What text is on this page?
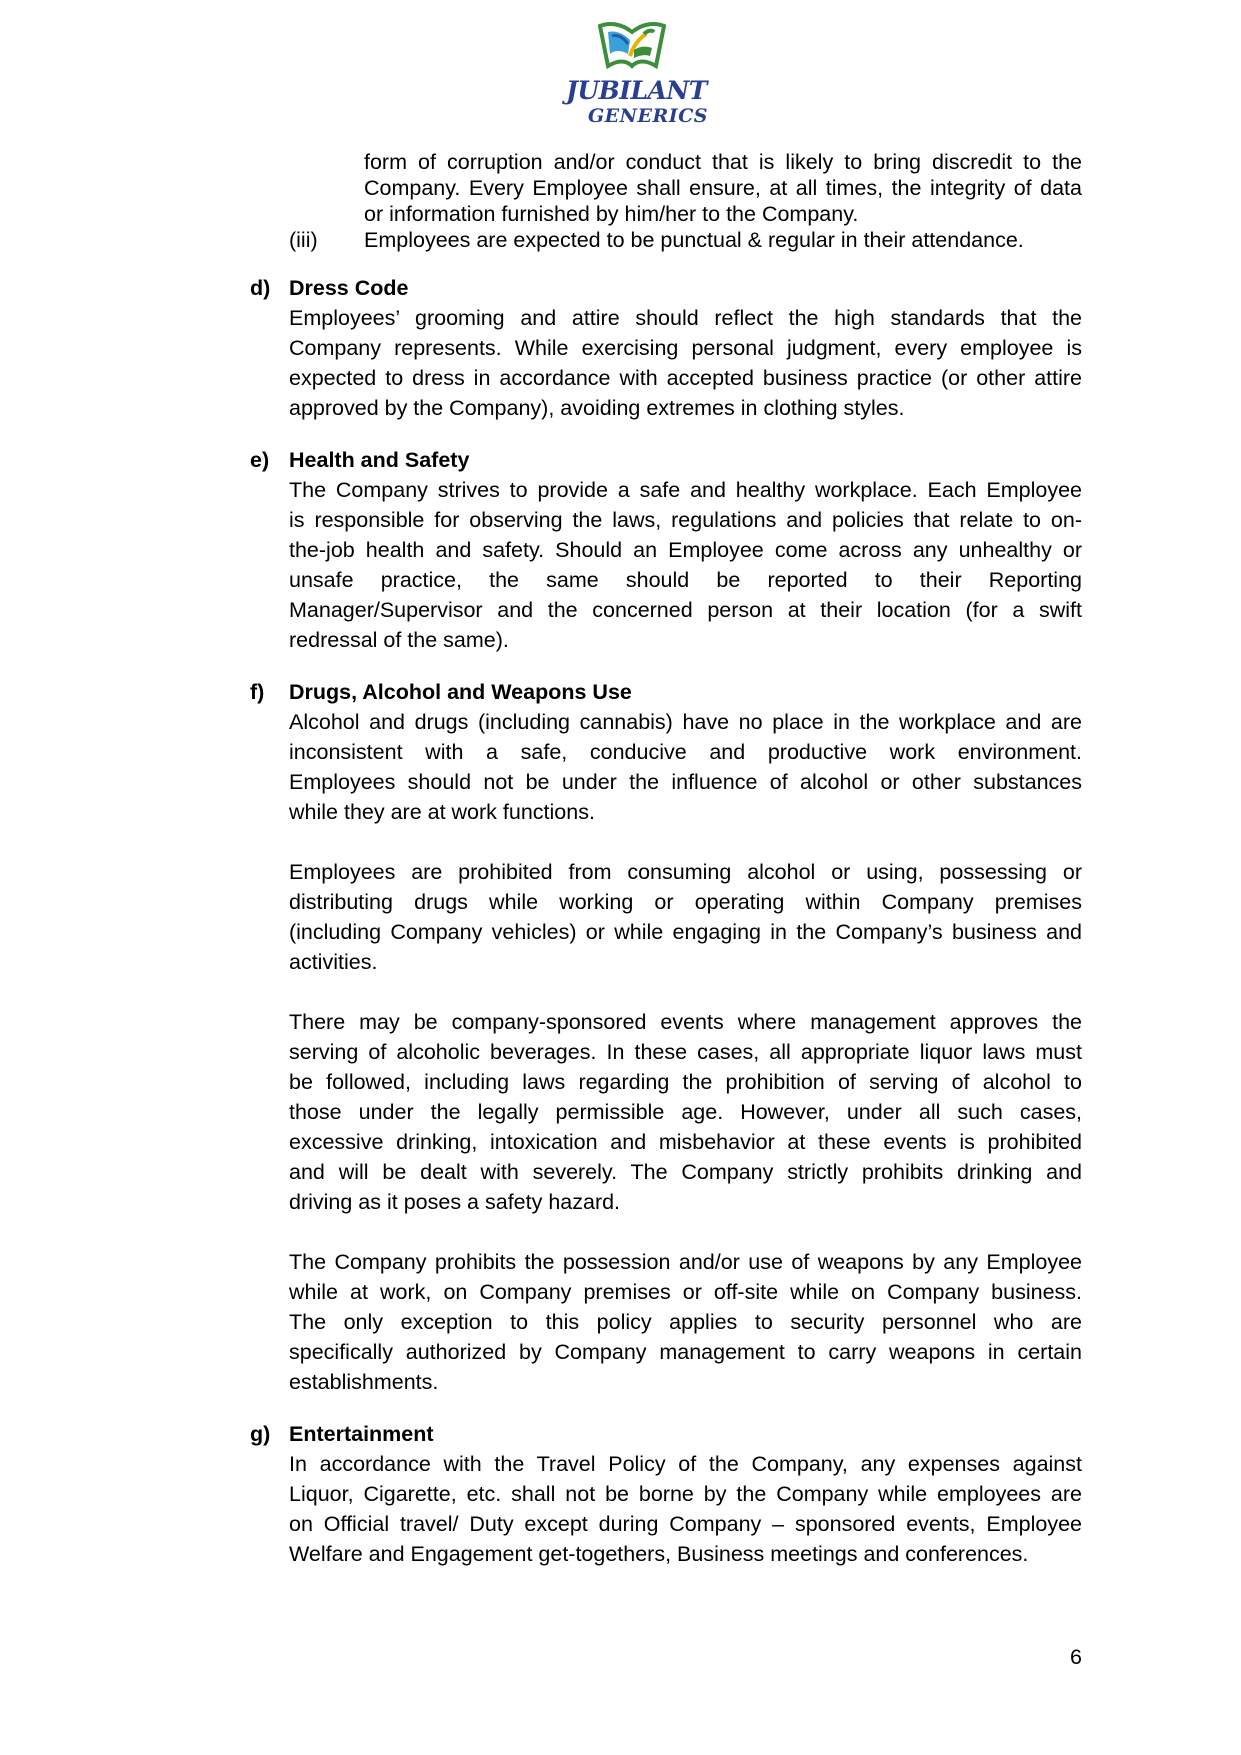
JUBILANT
GENERICS
form of corruption and/or conduct that is likely to bring discredit to the
Company. Every Employee shall ensure, at all times, the integrity of data
or information furnished by him/her to the Company.
(iii) Employees are expected to be punctual & regular in their attendance.
d) Dress Code
Employees’ grooming and attire should reflect the high standards that the
Company represents. While exercising personal judgment, every employee is
expected to dress in accordance with accepted business practice (or other attire
approved by the Company), avoiding extremes in clothing styles.
e) Health and Safety
The Company strives to provide a safe and healthy workplace. Each Employee
is responsible for observing the laws, regulations and policies that relate to on-
the-job health and safety. Should an Employee come across any unhealthy or
unsafe practice, the same should be reported to their Reporting
Manager/Supervisor and the concerned person at their location (for a swift
redressal of the same).
f) Drugs, Alcohol and Weapons Use
Alcohol and drugs (including cannabis) have no place in the workplace and are
inconsistent with a safe, conducive and productive work environment.
Employees should not be under the influence of alcohol or other substances
while they are at work functions.
Employees are prohibited from consuming alcohol or using, possessing or
distributing drugs while working or operating within Company premises
(including Company vehicles) or while engaging in the Company’s business and
activities.
There may be company-sponsored events where management approves the
serving of alcoholic beverages. In these cases, all appropriate liquor laws must
be followed, including laws regarding the prohibition of serving of alcohol to
those under the legally permissible age. However, under all such cases,
excessive drinking, intoxication and misbehavior at these events is prohibited
and will be dealt with severely. The Company strictly prohibits drinking and
driving as it poses a safety hazard.
The Company prohibits the possession and/or use of weapons by any Employee
while at work, on Company premises or off-site while on Company business.
The only exception to this policy applies to security personnel who are
specifically authorized by Company management to carry weapons in certain
establishments.
g) Entertainment
In accordance with the Travel Policy of the Company, any expenses against
Liquor, Cigarette, etc. shall not be borne by the Company while employees are
on Official travel/ Duty except during Company – sponsored events, Employee
Welfare and Engagement get-togethers, Business meetings and conferences.
6
